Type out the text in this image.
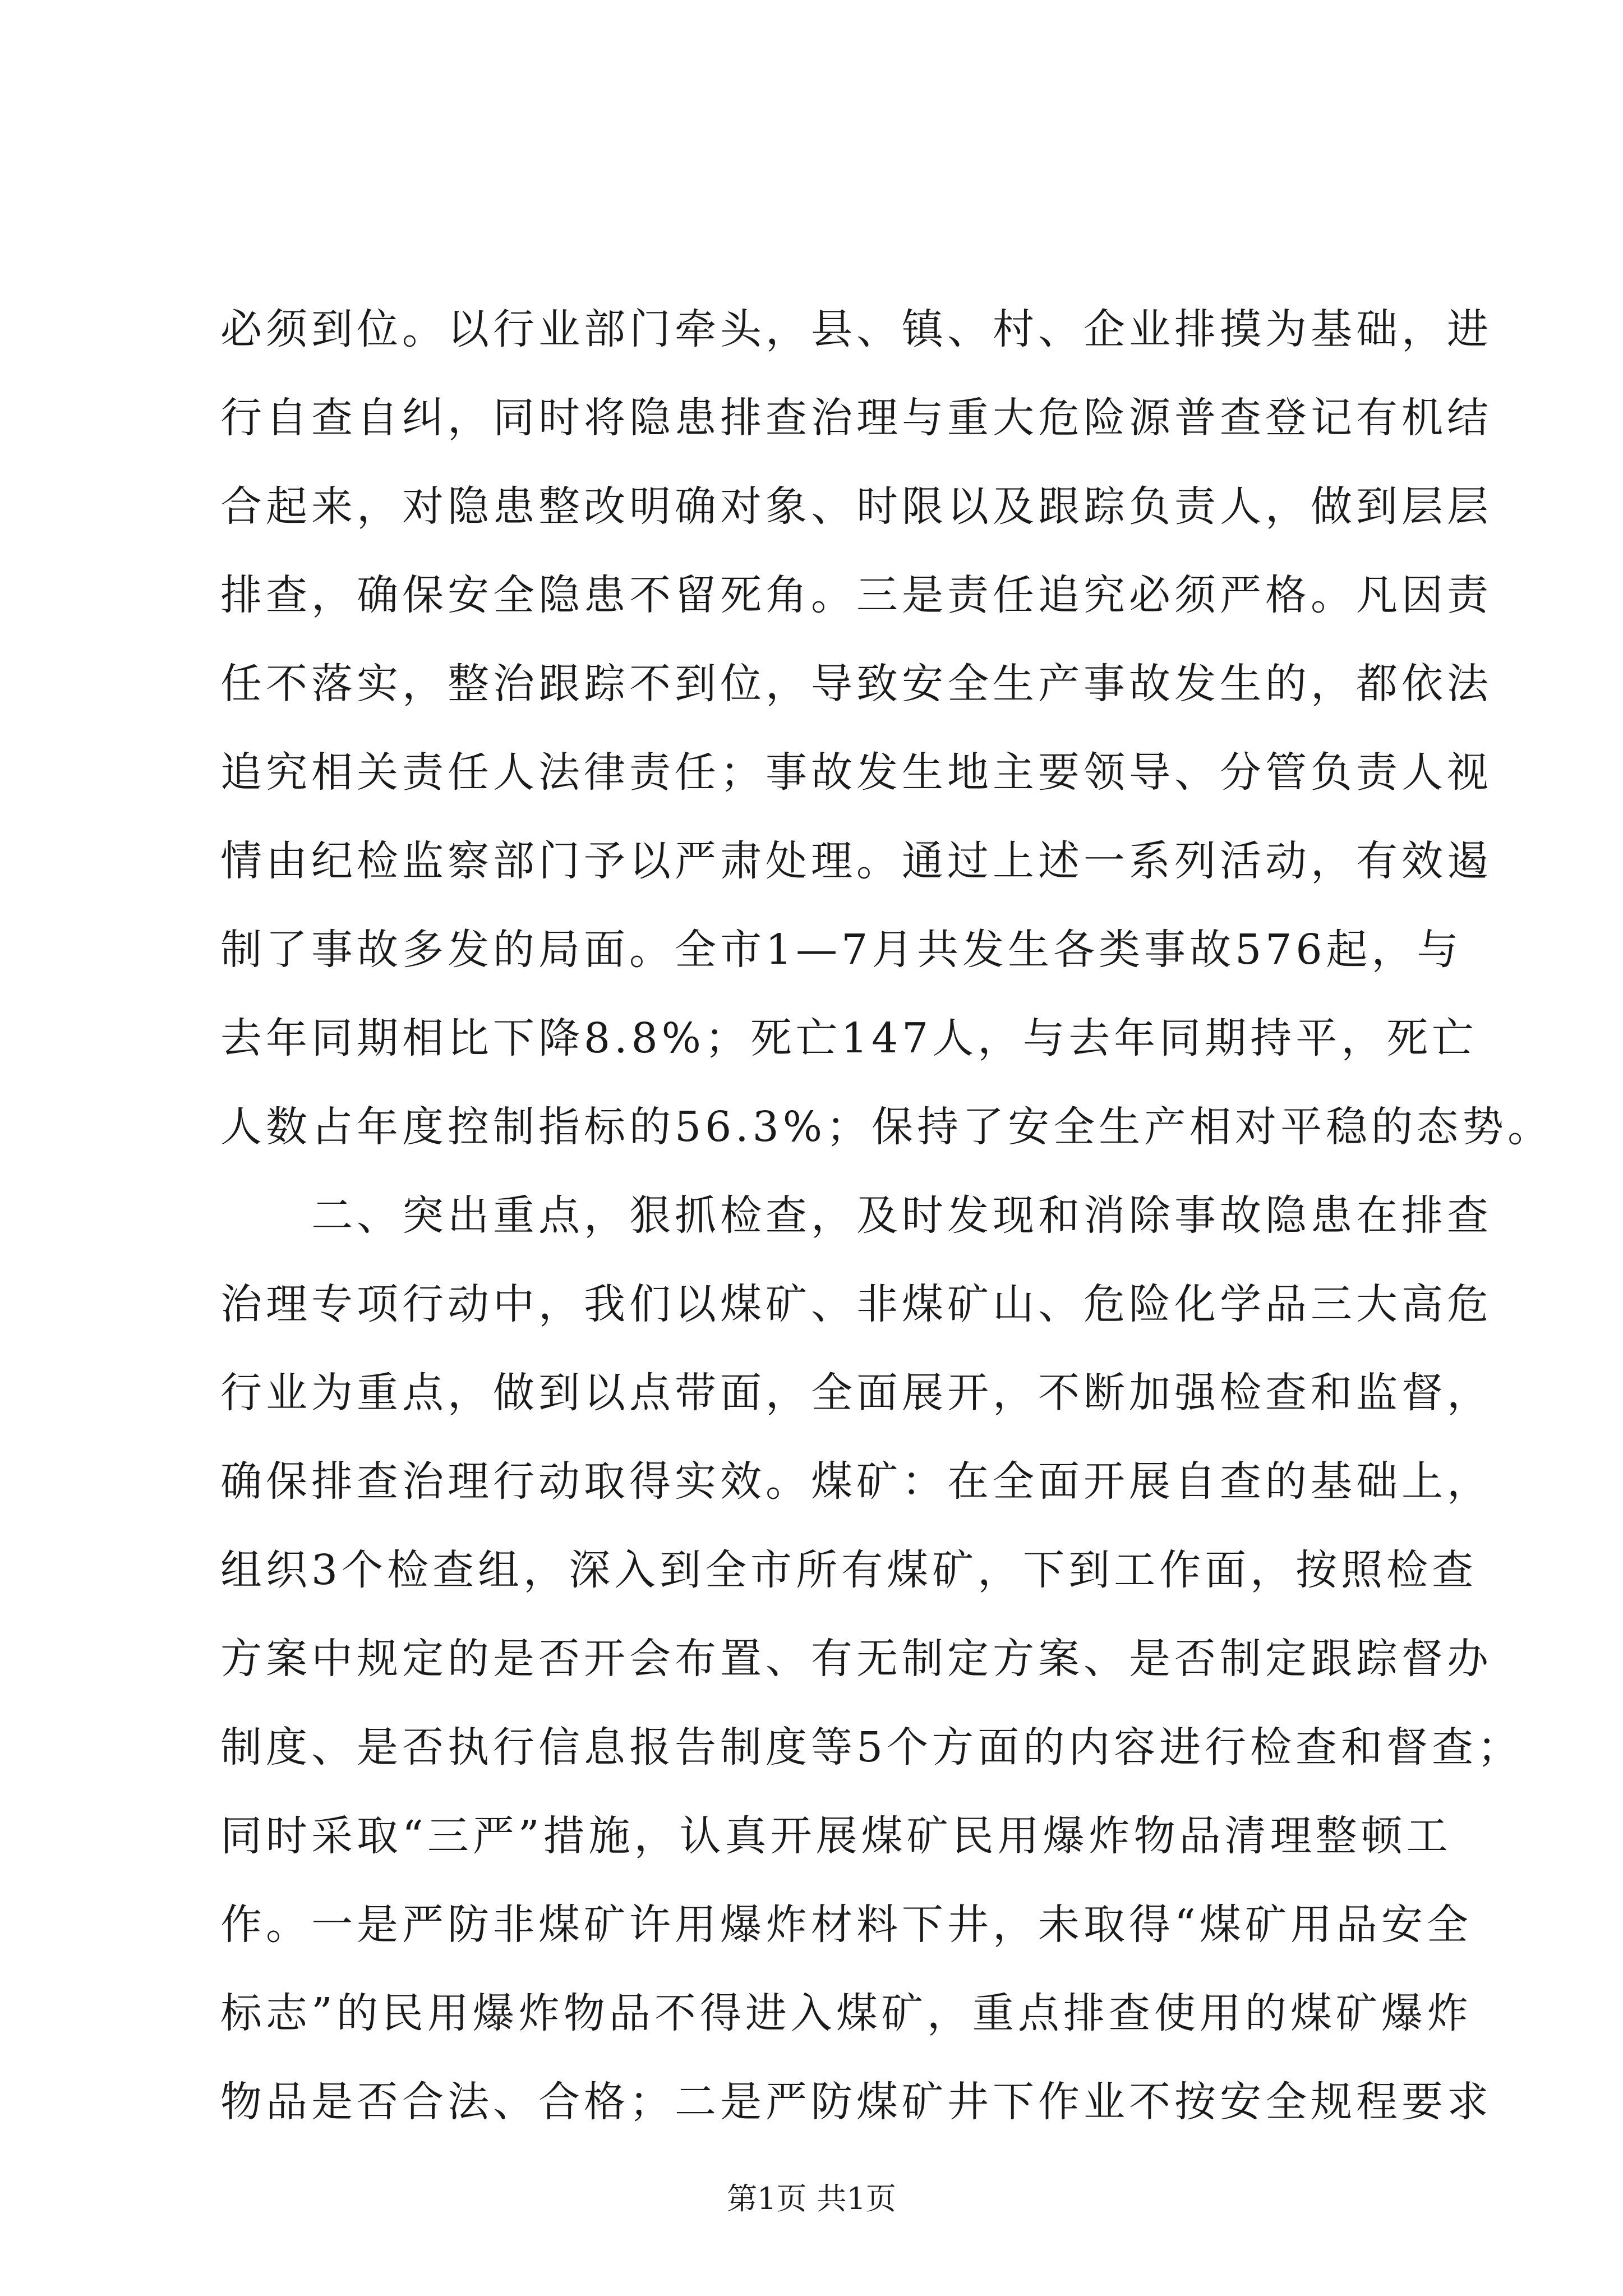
必须到位。以行业部门牵头，县、镇、村、企业排摸为基础，进
行自查自纠，同时将隐患排查治理与重大危险源普查登记有机结
合起来，对隐患整改明确对象、时限以及跟踪负责人，做到层层
排查，确保安全隐患不留死角。三是责任追究必须严格。凡因责
任不落实，整治跟踪不到位，导致安全生产事故发生的，都依法
追究相关责任人法律责任；事故发生地主要领导、分管负责人视
情由纪检监察部门予以严肃处理。通过上述一系列活动，有效遏
制了事故多发的局面。全市1—7月共发生各类事故576起，与
去年同期相比下降8.8%；死亡147人，与去年同期持平，死亡
人数占年度控制指标的56.3%；保持了安全生产相对平稳的态势。
　　二、突出重点，狠抓检查，及时发现和消除事故隐患在排查
治理专项行动中，我们以煤矿、非煤矿山、危险化学品三大高危
行业为重点，做到以点带面，全面展开，不断加强检查和监督，
确保排查治理行动取得实效。煤矿：在全面开展自查的基础上，
组织3个检查组，深入到全市所有煤矿，下到工作面，按照检查
方案中规定的是否开会布置、有无制定方案、是否制定跟踪督办
制度、是否执行信息报告制度等5个方面的内容进行检查和督查；
同时采取“三严”措施，认真开展煤矿民用爆炸物品清理整顿工
作。一是严防非煤矿许用爆炸材料下井，未取得“煤矿用品安全
标志”的民用爆炸物品不得进入煤矿，重点排查使用的煤矿爆炸
物品是否合法、合格；二是严防煤矿井下作业不按安全规程要求
第1页 共1页
